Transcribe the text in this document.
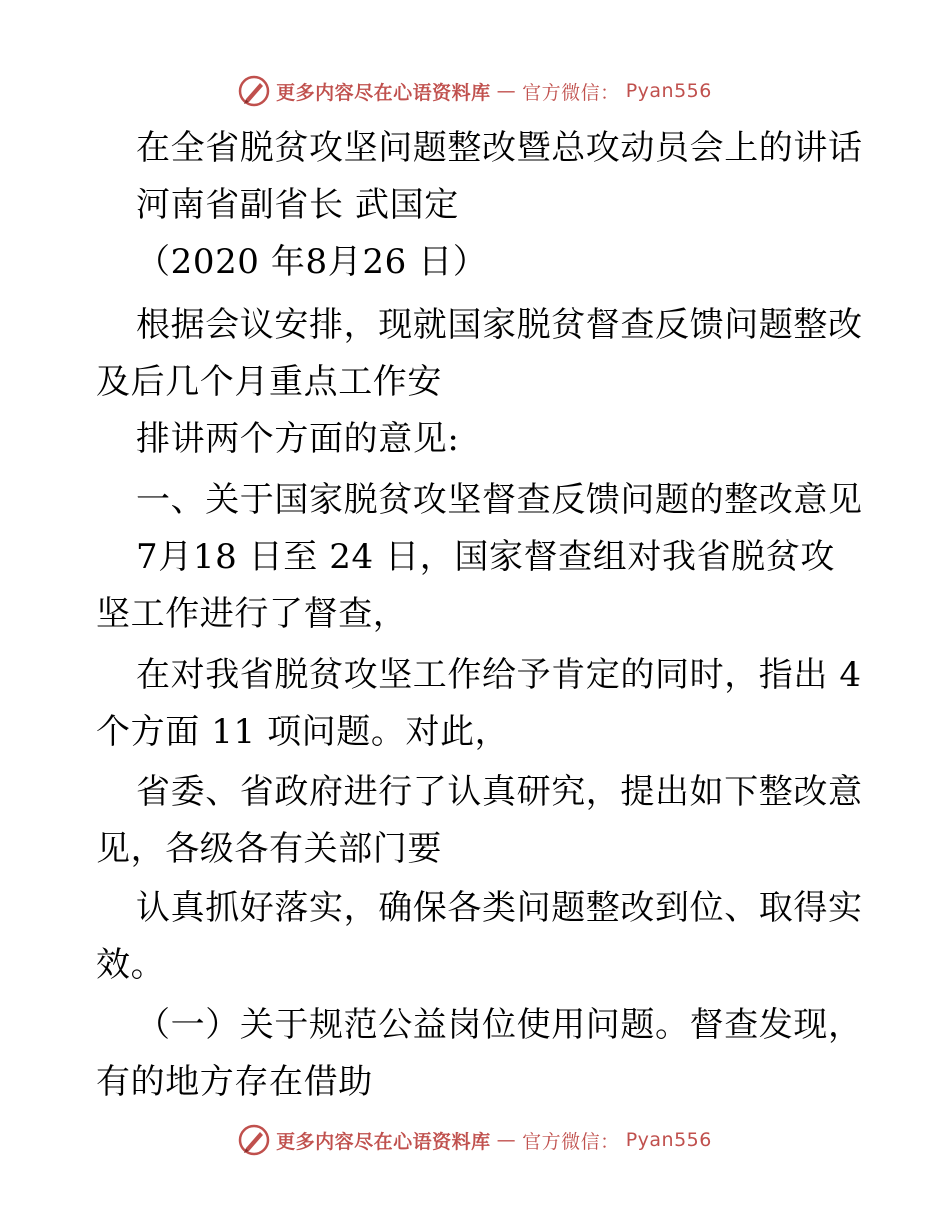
更多内容尽在心语资料库 — 官方微信： Pyan556
在全省脱贫攻坚问题整改暨总攻动员会上的讲话
河南省副省长 武国定
（2020 年8月26 日）
根据会议安排，现就国家脱贫督查反馈问题整改
及后几个月重点工作安
排讲两个方面的意见:
一、关于国家脱贫攻坚督查反馈问题的整改意见
7月18 日至 24 日，国家督查组对我省脱贫攻
坚工作进行了督查，
在对我省脱贫攻坚工作给予肯定的同时，指出 4
个方面 11 项问题。对此，
省委、省政府进行了认真研究，提出如下整改意
见，各级各有关部门要
认真抓好落实，确保各类问题整改到位、取得实
效。
（一）关于规范公益岗位使用问题。督查发现，
有的地方存在借助
更多内容尽在心语资料库 — 官方微信： Pyan556
